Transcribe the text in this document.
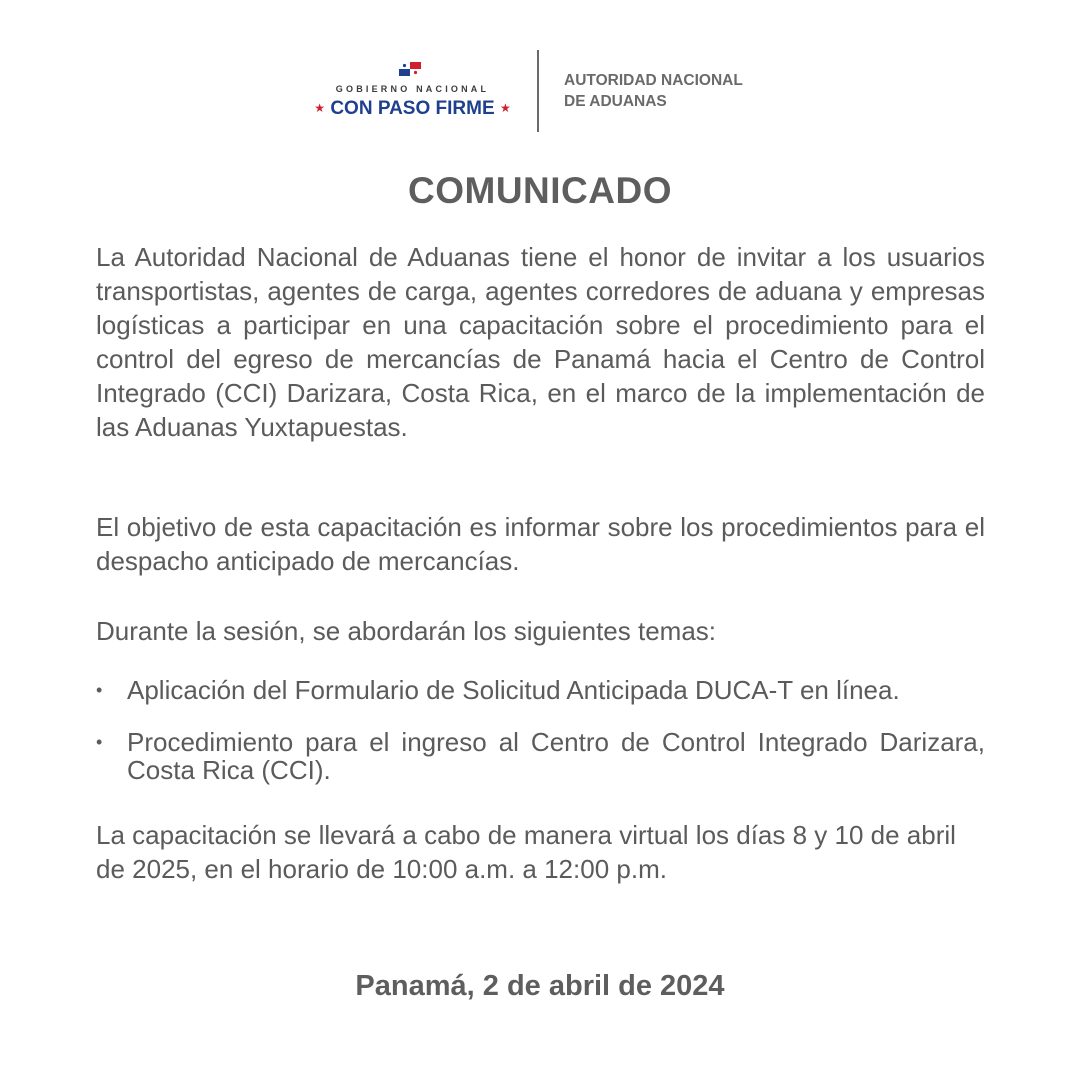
GOBIERNO NACIONAL
★ CON PASO FIRME ★
AUTORIDAD NACIONAL
DE ADUANAS
COMUNICADO
La Autoridad Nacional de Aduanas tiene el honor de invitar a los usuarios transportistas, agentes de carga, agentes corredores de aduana y empresas logísticas a participar en una capacitación sobre el procedimiento para el control del egreso de mercancías de Panamá hacia el Centro de Control Integrado (CCI) Darizara, Costa Rica, en el marco de la implementación de las Aduanas Yuxtapuestas.
El objetivo de esta capacitación es informar sobre los procedimientos para el despacho anticipado de mercancías.
Durante la sesión, se abordarán los siguientes temas:
• Aplicación del Formulario de Solicitud Anticipada DUCA-T en línea.
• Procedimiento para el ingreso al Centro de Control Integrado Darizara, Costa Rica (CCI).
La capacitación se llevará a cabo de manera virtual los días 8 y 10 de abril de 2025, en el horario de 10:00 a.m. a 12:00 p.m.
Panamá, 2 de abril de 2024
